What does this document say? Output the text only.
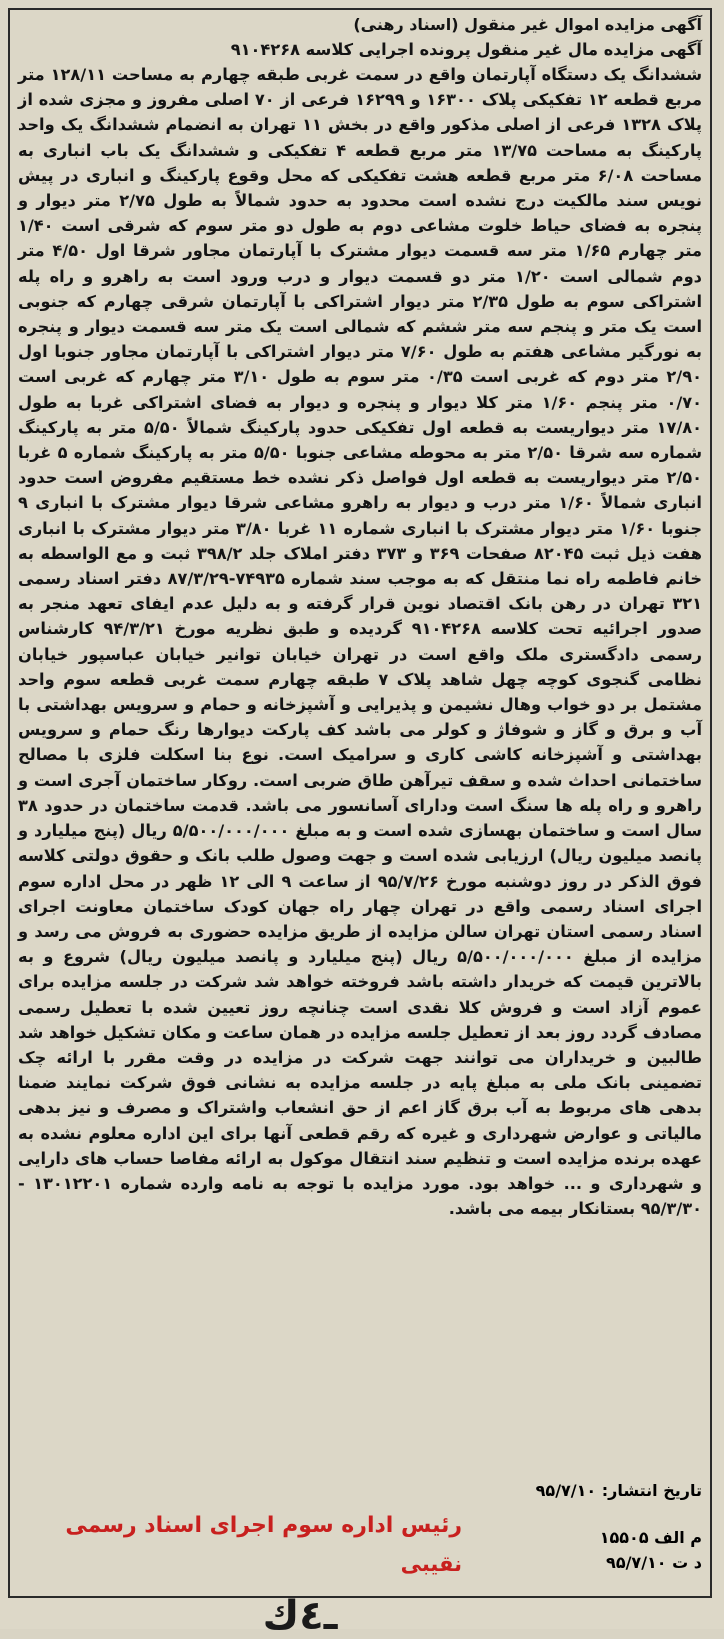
آگهی مزایده اموال غیر منقول (اسناد رهنی)

آگهی مزایده مال غیر منقول پرونده اجرایی کلاسه ۹۱۰۴۲۶۸

ششدانگ یک دستگاه آپارتمان واقع در سمت غربی طبقه چهارم به مساحت ۱۲۸/۱۱ متر مربع قطعه ۱۲ تفکیکی پلاک ۱۶۳۰۰ و ۱۶۲۹۹ فرعی از ۷۰ اصلی مفروز و مجزی شده از پلاک ۱۳۲۸ فرعی از اصلی مذکور واقع در بخش ۱۱ تهران به انضمام ششدانگ یک واحد پارکینگ به مساحت ۱۳/۷۵ متر مربع قطعه ۴ تفکیکی و ششدانگ یک باب انباری به مساحت ۶/۰۸ متر مربع قطعه هشت تفکیکی که محل وقوع پارکینگ و انباری در پیش نویس سند مالکیت درج نشده است محدود به حدود شمالاً به طول ۲/۷۵ متر دیوار و پنجره به فضای حیاط خلوت مشاعی دوم به طول دو متر سوم که شرقی است ۱/۴۰ متر چهارم ۱/۶۵ متر سه قسمت دیوار مشترک با آپارتمان مجاور شرقا اول ۴/۵۰ متر دوم شمالی است ۱/۲۰ متر دو قسمت دیوار و درب ورود است به راهرو و راه پله اشتراکی سوم به طول ۲/۳۵ متر دیوار اشتراکی با آپارتمان شرقی چهارم که جنوبی است یک متر و پنجم سه متر ششم که شمالی است یک متر سه قسمت دیوار و پنجره به نورگیر مشاعی هفتم به طول ۷/۶۰ متر دیوار اشتراکی با آپارتمان مجاور جنوبا اول ۲/۹۰ متر دوم که غربی است ۰/۳۵ متر سوم به طول ۳/۱۰ متر چهارم که غربی است ۰/۷۰ متر پنجم ۱/۶۰ متر کلا دیوار و پنجره و دیوار به فضای اشتراکی غربا به طول ۱۷/۸۰ متر دیواریست به قطعه اول تفکیکی حدود پارکینگ شمالاً ۵/۵۰ متر به پارکینگ شماره سه شرقا ۲/۵۰ متر به محوطه مشاعی جنوبا ۵/۵۰ متر به پارکینگ شماره ۵ غربا ۲/۵۰ متر دیواریست به قطعه اول فواصل ذکر نشده خط مستقیم مفروض است حدود انباری شمالاً ۱/۶۰ متر درب و دیوار به راهرو مشاعی شرقا دیوار مشترک با انباری ۹ جنوبا ۱/۶۰ متر دیوار مشترک با انباری شماره ۱۱ غربا ۳/۸۰ متر دیوار مشترک با انباری هفت ذیل ثبت ۸۲۰۴۵ صفحات ۳۶۹ و ۳۷۳ دفتر املاک جلد ۳۹۸/۲ ثبت و مع الواسطه به خانم فاطمه راه نما منتقل که به موجب سند شماره ۷۴۹۳۵-۸۷/۳/۲۹ دفتر اسناد رسمی ۳۲۱ تهران در رهن بانک اقتصاد نوین قرار گرفته و به دلیل عدم ایفای تعهد منجر به صدور اجرائیه تحت کلاسه ۹۱۰۴۲۶۸ گردیده و طبق نظریه مورخ ۹۴/۳/۲۱ کارشناس رسمی دادگستری ملک واقع است در تهران خیابان توانیر خیابان عباسپور خیابان نظامی گنجوی کوچه چهل شاهد پلاک ۷ طبقه چهارم سمت غربی قطعه سوم واحد مشتمل بر دو خواب وهال نشیمن و پذیرایی و آشپزخانه و حمام و سرویس بهداشتی با آب و برق و گاز و شوفاژ و کولر می باشد کف پارکت دیوارها رنگ حمام و سرویس بهداشتی و آشپزخانه کاشی کاری و سرامیک است. نوع بنا اسکلت فلزی با مصالح ساختمانی احداث شده و سقف تیرآهن طاق ضربی است. روکار ساختمان آجری است و راهرو و راه پله ها سنگ است ودارای آسانسور می باشد. قدمت ساختمان در حدود ۳۸ سال است و ساختمان بهسازی شده است و به مبلغ ۵/۵۰۰/۰۰۰/۰۰۰ ریال (پنج میلیارد و پانصد میلیون ریال) ارزیابی شده است و جهت وصول طلب بانک و حقوق دولتی کلاسه فوق الذکر در روز دوشنبه مورخ ۹۵/۷/۲۶ از ساعت ۹ الی ۱۲ ظهر در محل اداره سوم اجرای اسناد رسمی واقع در تهران چهار راه جهان کودک ساختمان معاونت اجرای اسناد رسمی استان تهران سالن مزایده از طریق مزایده حضوری به فروش می رسد و مزایده از مبلغ ۵/۵۰۰/۰۰۰/۰۰۰ ریال (پنج میلیارد و پانصد میلیون ریال) شروع و به بالاترین قیمت که خریدار داشته باشد فروخته خواهد شد شرکت در جلسه مزایده برای عموم آزاد است و فروش کلا نقدی است چنانچه روز تعیین شده با تعطیل رسمی مصادف گردد روز بعد از تعطیل جلسه مزایده در همان ساعت و مکان تشکیل خواهد شد طالبین و خریداران می توانند جهت شرکت در مزایده در وقت مقرر با ارائه چک تضمینی بانک ملی به مبلغ پایه در جلسه مزایده به نشانی فوق شرکت نمایند ضمنا بدهی های مربوط به آب برق گاز اعم از حق انشعاب واشتراک و مصرف و نیز بدهی مالیاتی و عوارض شهرداری و غیره که رقم قطعی آنها برای این اداره معلوم نشده به عهده برنده مزایده است و تنظیم سند انتقال موکول به ارائه مفاصا حساب های دارایی و شهرداری و ... خواهد بود. مورد مزایده با توجه به نامه وارده شماره ۱۳۰۱۲۲۰۱ - ۹۵/۳/۳۰ بستانکار بیمه می باشد.

تاریخ انتشار: ۹۵/۷/۱۰

م الف ۱۵۵۰۵

د ت ۹۵/۷/۱۰

رئیس اداره سوم اجرای اسناد رسمی
نقیبی
ـ٤ك
